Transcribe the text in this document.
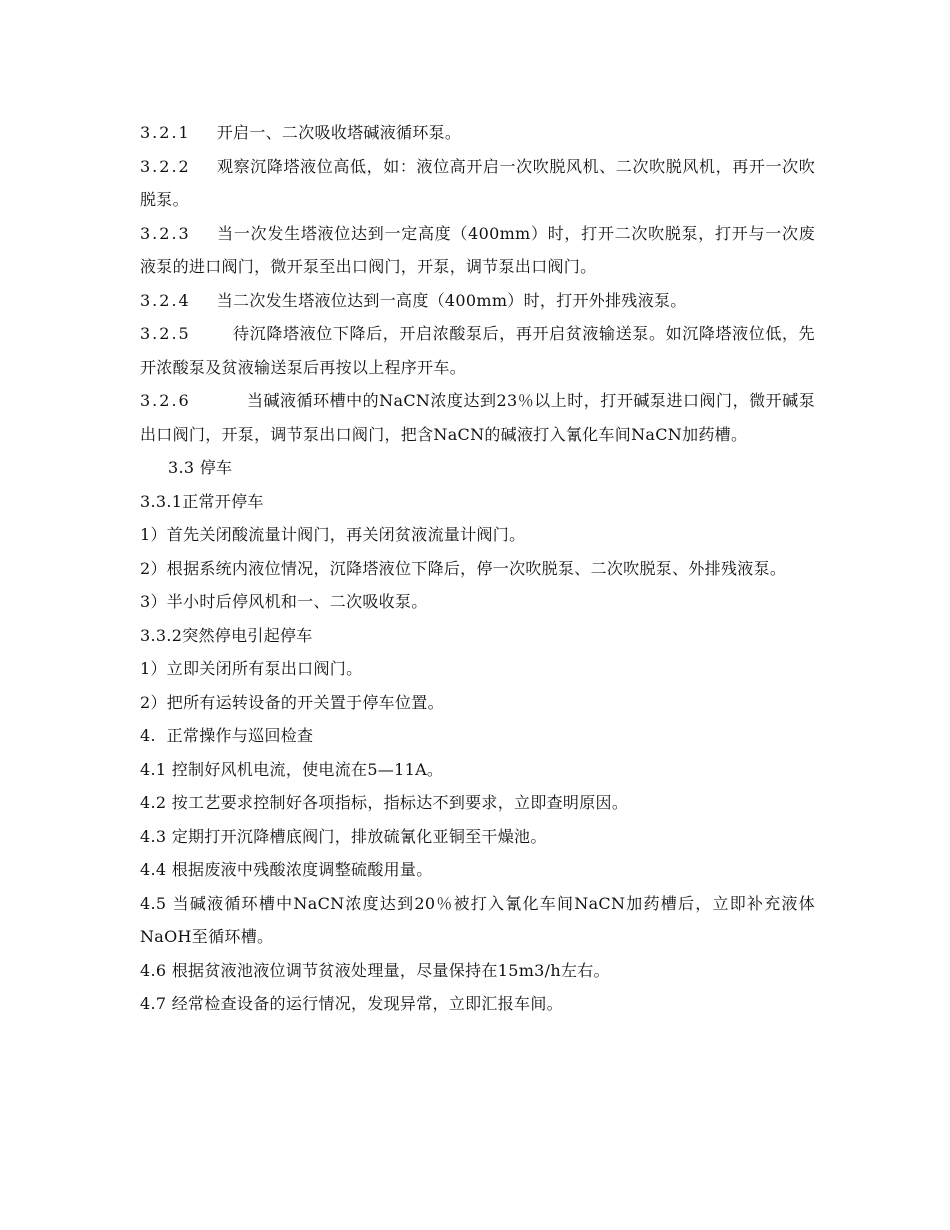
3.2.1 开启一、二次吸收塔碱液循环泵。

3.2.2 观察沉降塔液位高低，如：液位高开启一次吹脱风机、二次吹脱风机，再开一次吹脱泵。

3.2.3 当一次发生塔液位达到一定高度（400mm）时，打开二次吹脱泵，打开与一次废液泵的进口阀门，微开泵至出口阀门，开泵，调节泵出口阀门。

3.2.4 当二次发生塔液位达到一高度（400mm）时，打开外排残液泵。

3.2.5	待沉降塔液位下降后，开启浓酸泵后，再开启贫液输送泵。如沉降塔液位低，先开浓酸泵及贫液输送泵后再按以上程序开车。

3.2.6	当碱液循环槽中的NaCN浓度达到23％以上时，打开碱泵进口阀门，微开碱泵出口阀门，开泵，调节泵出口阀门，把含NaCN的碱液打入氰化车间NaCN加药槽。

3.3 停车

3.3.1正常开停车

1）首先关闭酸流量计阀门，再关闭贫液流量计阀门。

2）根据系统内液位情况，沉降塔液位下降后，停一次吹脱泵、二次吹脱泵、外排残液泵。

3）半小时后停风机和一、二次吸收泵。

3.3.2突然停电引起停车

1）立即关闭所有泵出口阀门。

2）把所有运转设备的开关置于停车位置。

4.  正常操作与巡回检查

4.1 控制好风机电流，使电流在5—11A。

4.2 按工艺要求控制好各项指标，指标达不到要求，立即查明原因。

4.3 定期打开沉降槽底阀门，排放硫氰化亚铜至干燥池。

4.4 根据废液中残酸浓度调整硫酸用量。

4.5 当碱液循环槽中NaCN浓度达到20％被打入氰化车间NaCN加药槽后，立即补充液体NaOH至循环槽。

4.6 根据贫液池液位调节贫液处理量，尽量保持在15m3/h左右。

4.7 经常检查设备的运行情况，发现异常，立即汇报车间。
